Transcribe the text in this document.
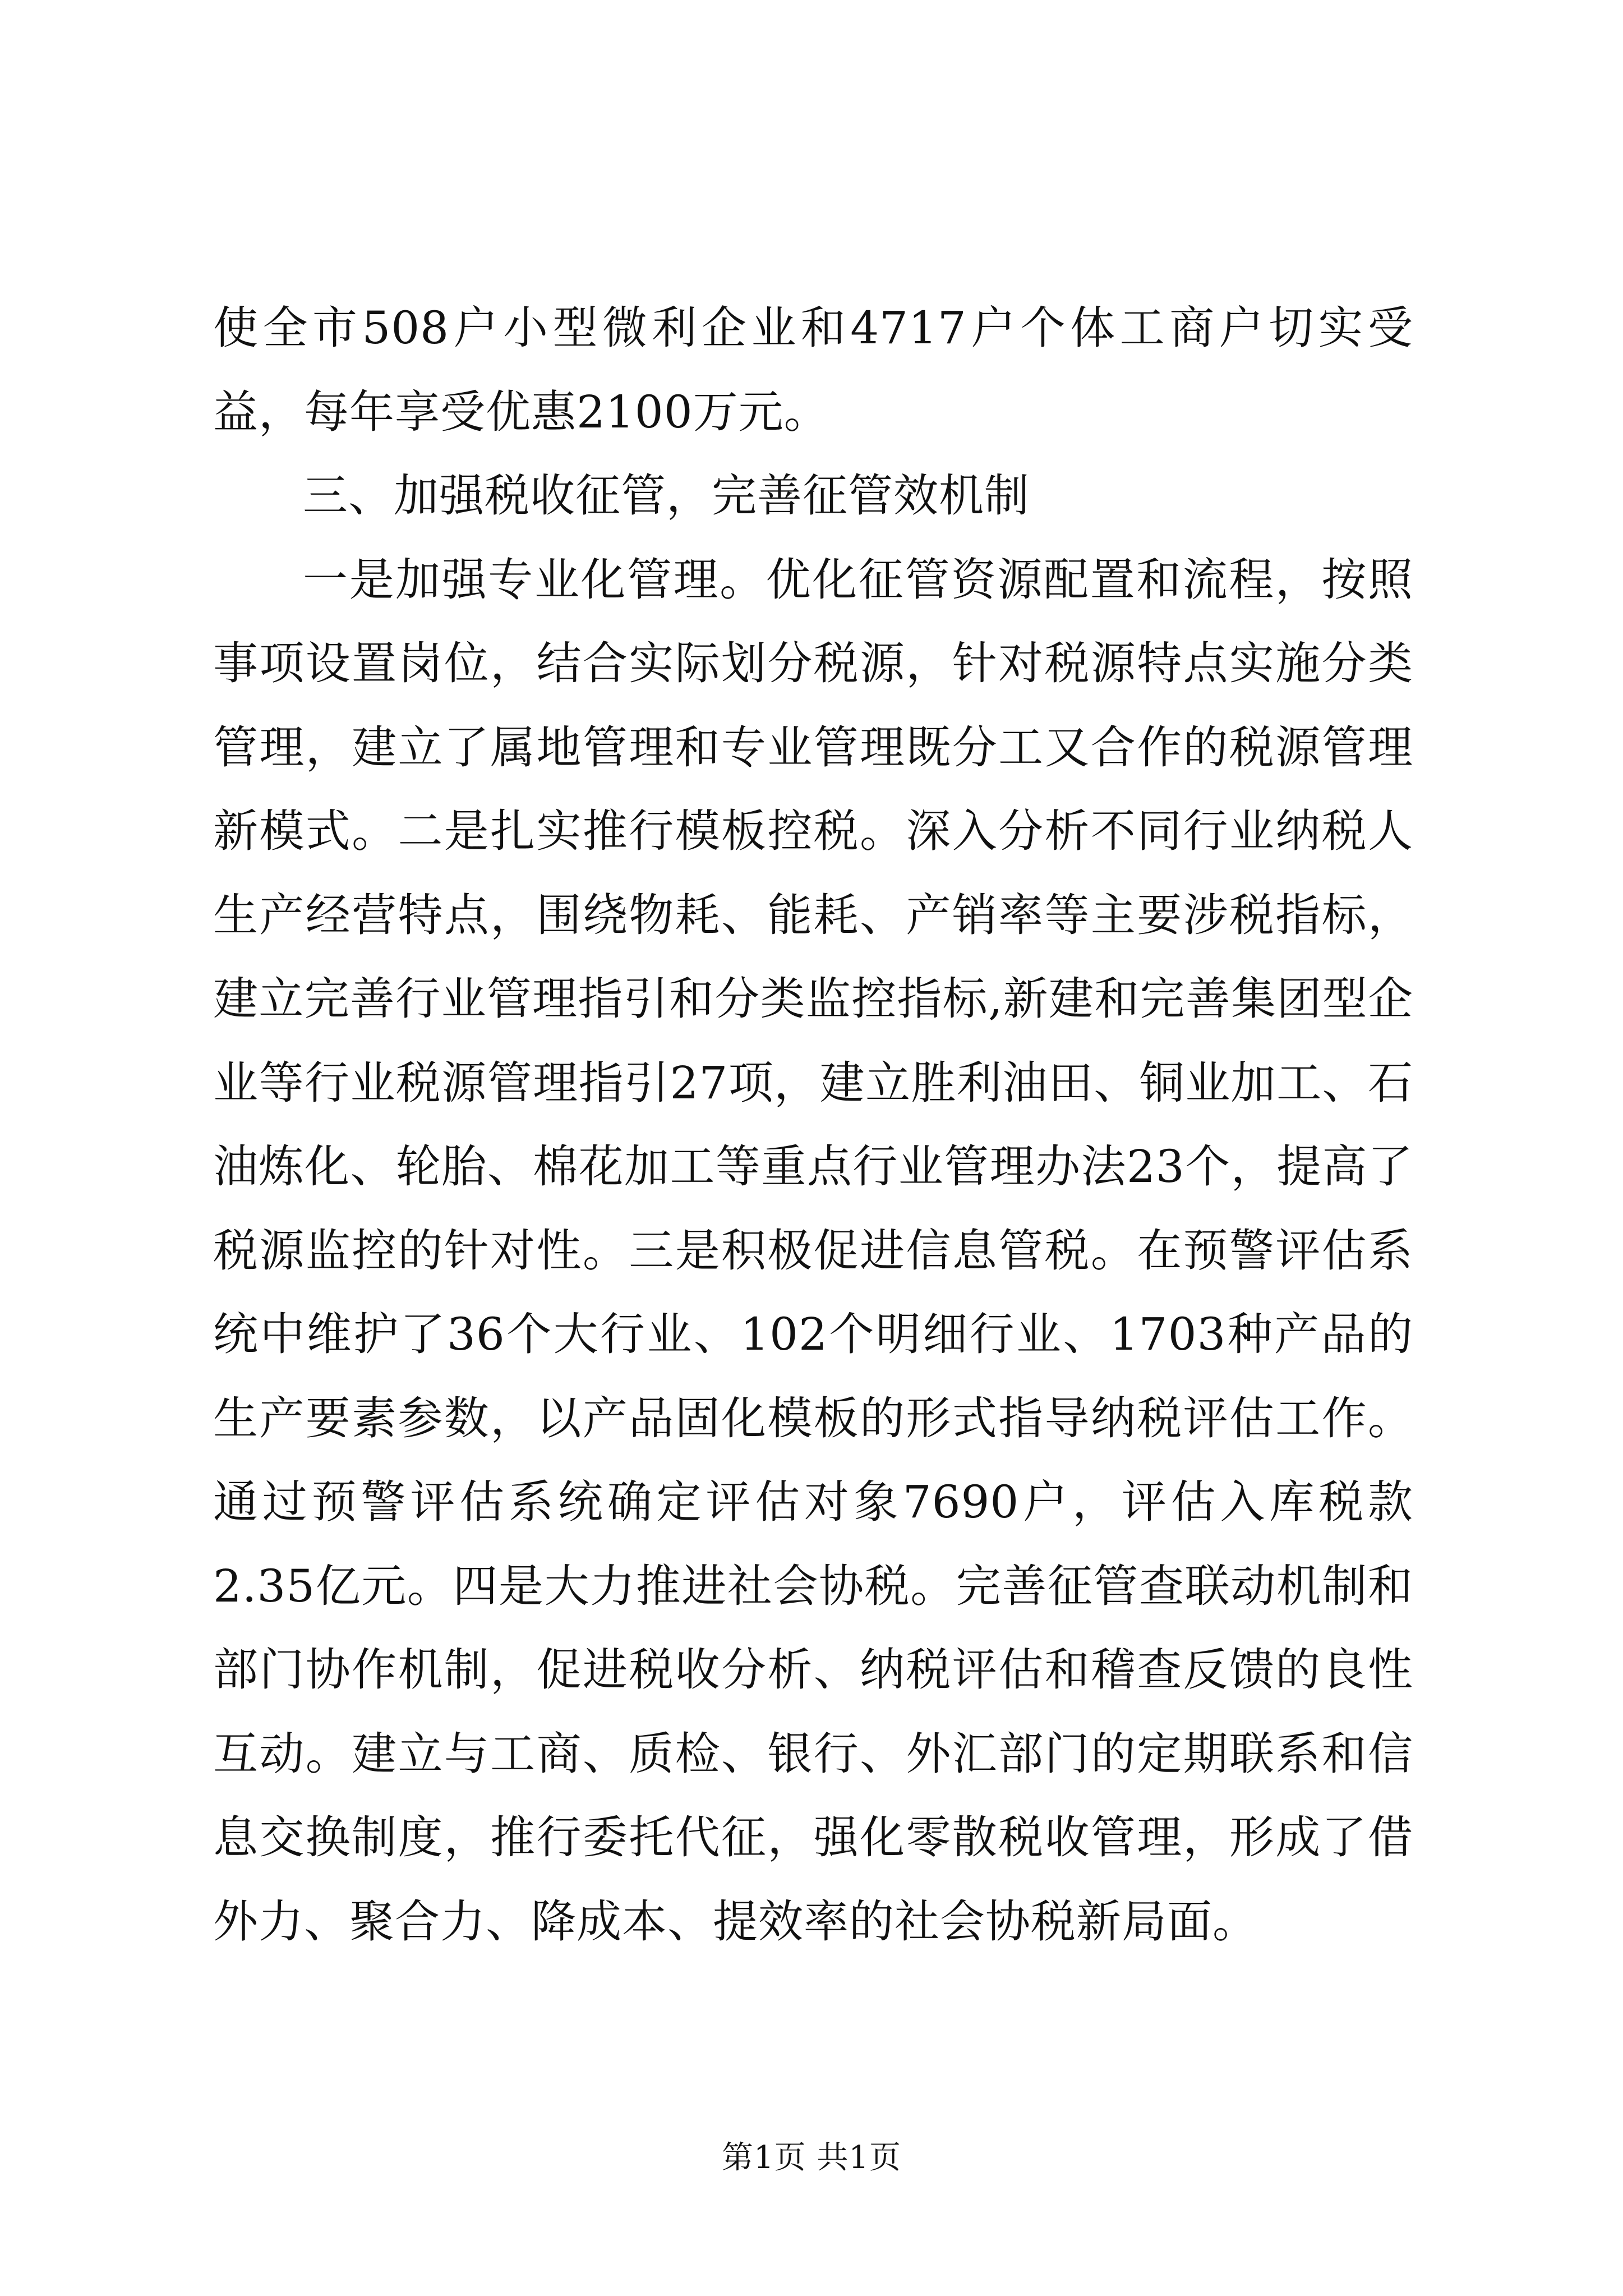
使全市508户小型微利企业和4717户个体工商户切实受益，每年享受优惠2100万元。

三、加强税收征管，完善征管效机制

一是加强专业化管理。优化征管资源配置和流程，按照事项设置岗位，结合实际划分税源，针对税源特点实施分类管理，建立了属地管理和专业管理既分工又合作的税源管理新模式。二是扎实推行模板控税。深入分析不同行业纳税人生产经营特点，围绕物耗、能耗、产销率等主要涉税指标，建立完善行业管理指引和分类监控指标,新建和完善集团型企业等行业税源管理指引27项，建立胜利油田、铜业加工、石油炼化、轮胎、棉花加工等重点行业管理办法23个，提高了税源监控的针对性。三是积极促进信息管税。在预警评估系统中维护了36个大行业、102个明细行业、1703种产品的生产要素参数，以产品固化模板的形式指导纳税评估工作。通过预警评估系统确定评估对象7690户，评估入库税款2.35亿元。四是大力推进社会协税。完善征管查联动机制和部门协作机制，促进税收分析、纳税评估和稽查反馈的良性互动。建立与工商、质检、银行、外汇部门的定期联系和信息交换制度，推行委托代征，强化零散税收管理，形成了借外力、聚合力、降成本、提效率的社会协税新局面。

第1页 共1页
